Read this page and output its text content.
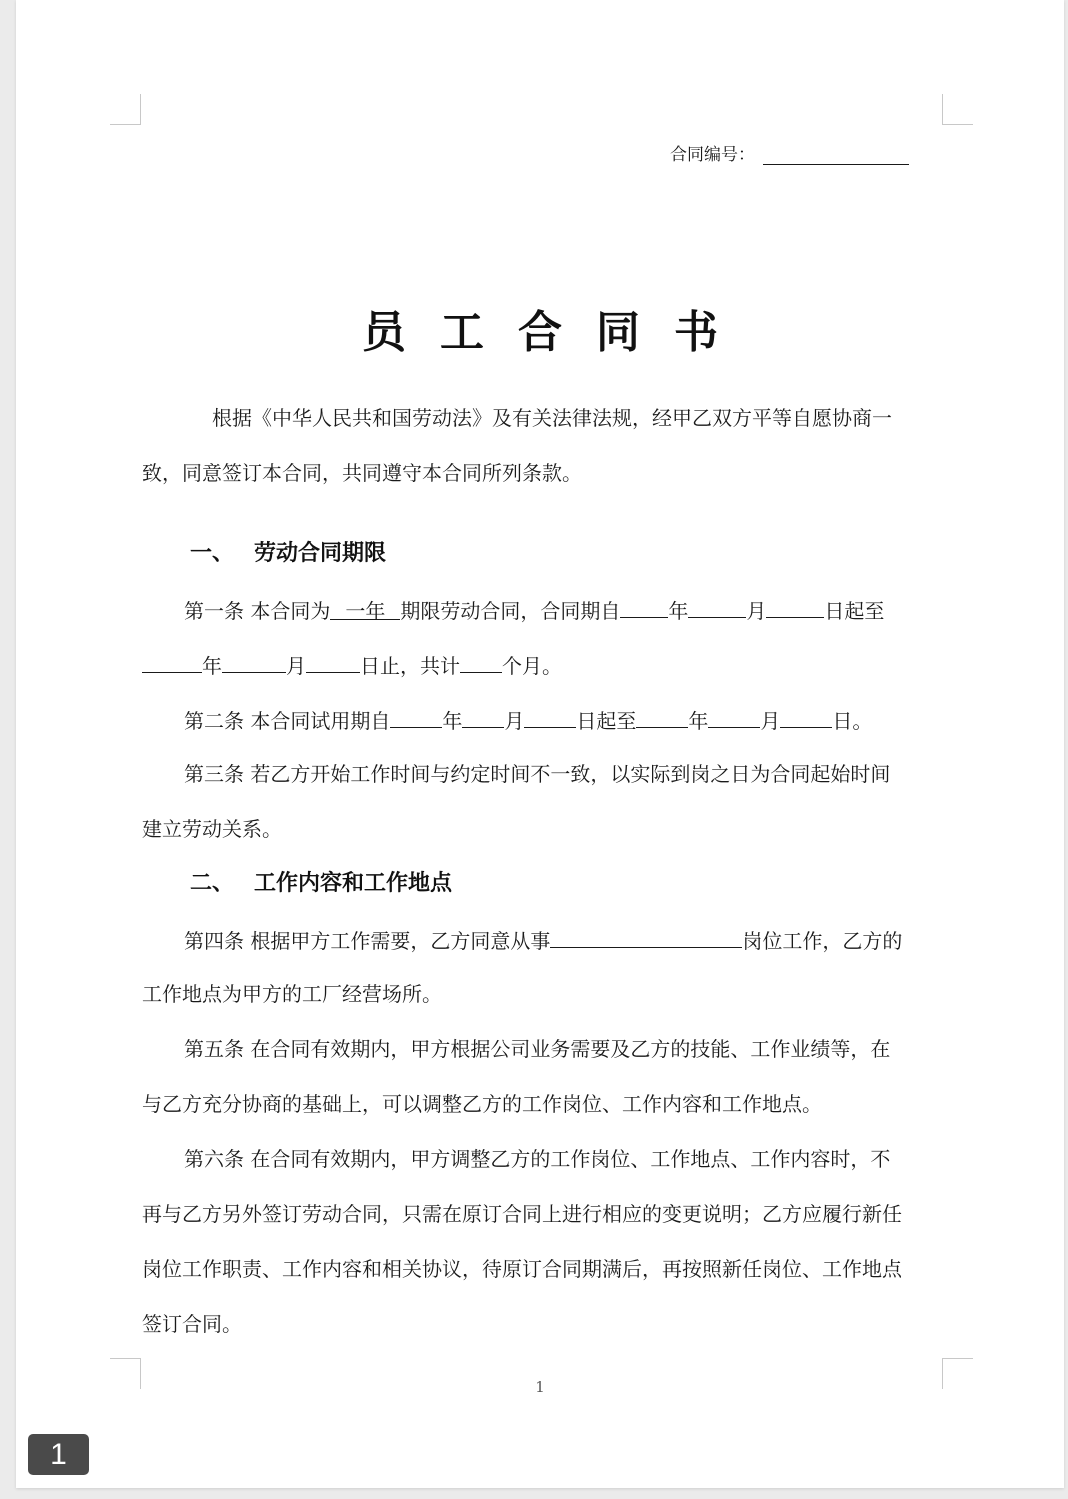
合同编号：
员工合同书
根据《中华人民共和国劳动法》及有关法律法规，经甲乙双方平等自愿协商一
致，同意签订本合同，共同遵守本合同所列条款。
一、 劳动合同期限
第一条 本合同为 一年 期限劳动合同，合同期自 年	月	日起至
年	月	日止，共计 个月。
第二条 本合同试用期自	年 月	日起至	年	月	日。
第三条 若乙方开始工作时间与约定时间不一致，以实际到岗之日为合同起始时间
建立劳动关系。
二、 工作内容和工作地点
第四条 根据甲方工作需要，乙方同意从事	岗位工作，乙方的
工作地点为甲方的工厂经营场所。
第五条 在合同有效期内，甲方根据公司业务需要及乙方的技能、工作业绩等，在
与乙方充分协商的基础上，可以调整乙方的工作岗位、工作内容和工作地点。
第六条 在合同有效期内，甲方调整乙方的工作岗位、工作地点、工作内容时，不
再与乙方另外签订劳动合同，只需在原订合同上进行相应的变更说明；乙方应履行新任
岗位工作职责、工作内容和相关协议，待原订合同期满后，再按照新任岗位、工作地点
签订合同。
1
1
